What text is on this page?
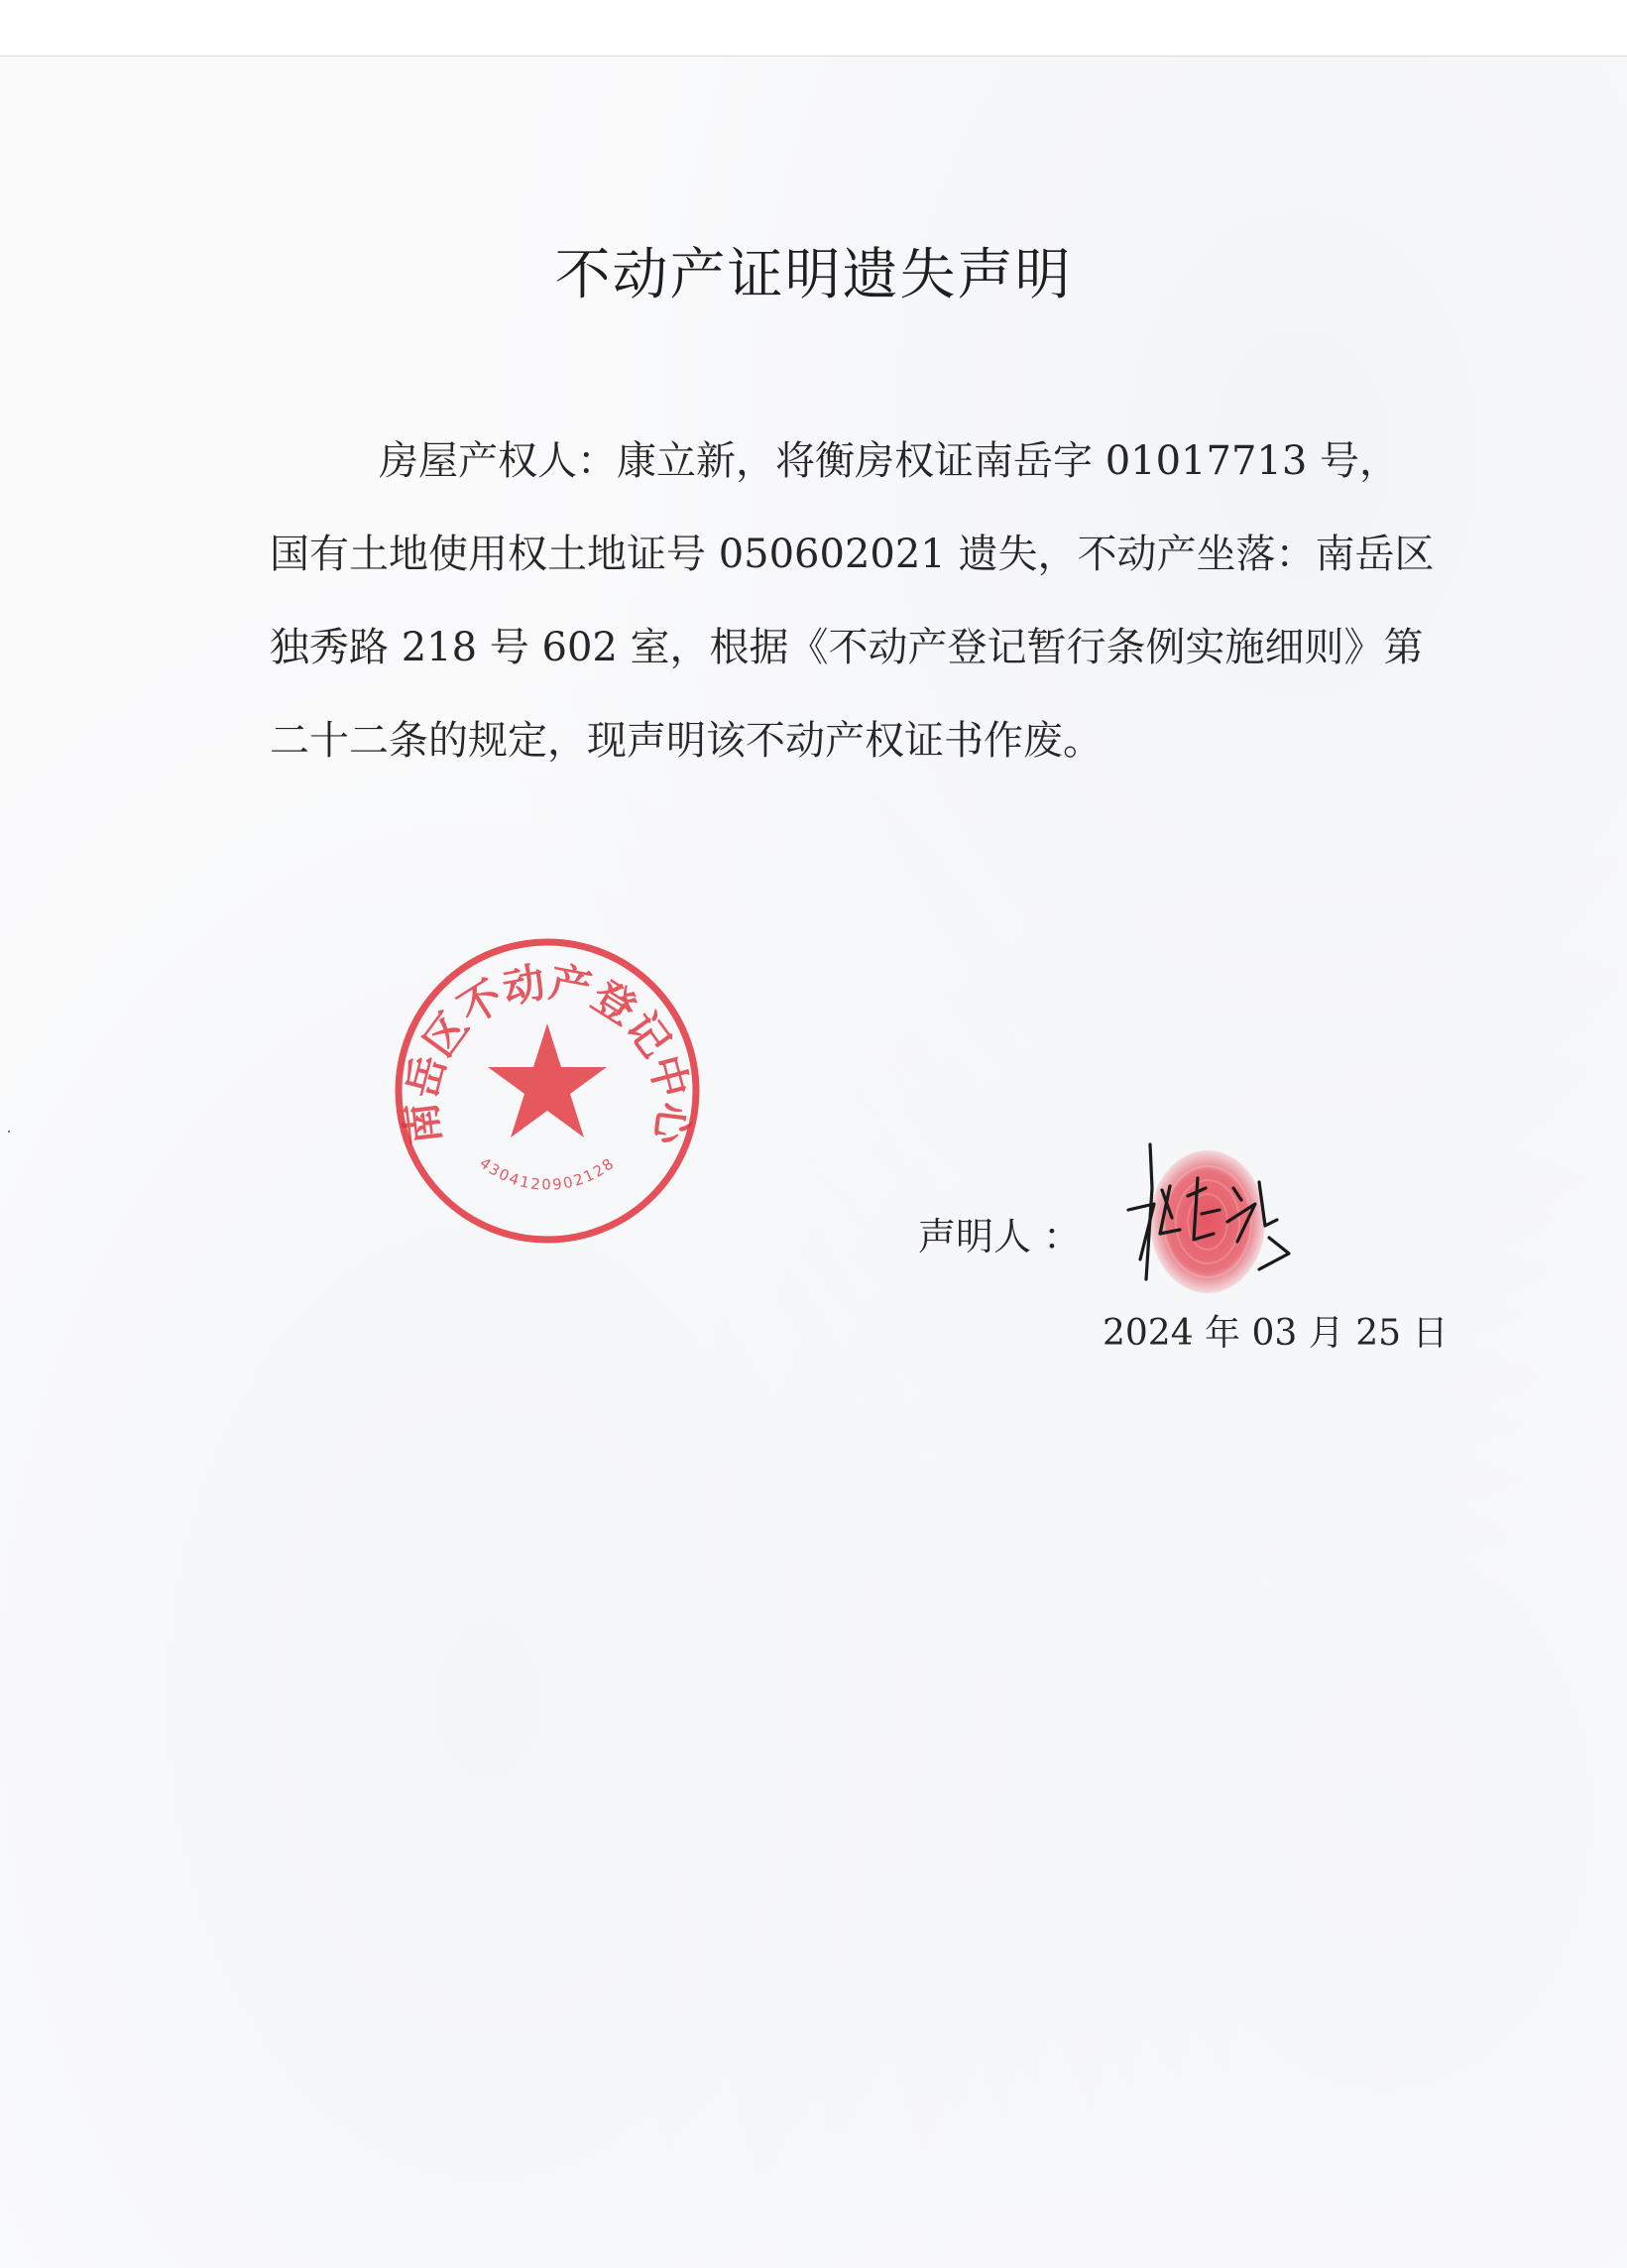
不动产证明遗失声明
房屋产权人：康立新，将衡房权证南岳字 01017713 号，
国有土地使用权土地证号 050602021 遗失，不动产坐落：南岳区
独秀路 218 号 602 室，根据《不动产登记暂行条例实施细则》第
二十二条的规定，现声明该不动产权证书作废。
南岳区不动产登记中心
4304120902128
声明人 ：
2024 年 03 月 25 日
